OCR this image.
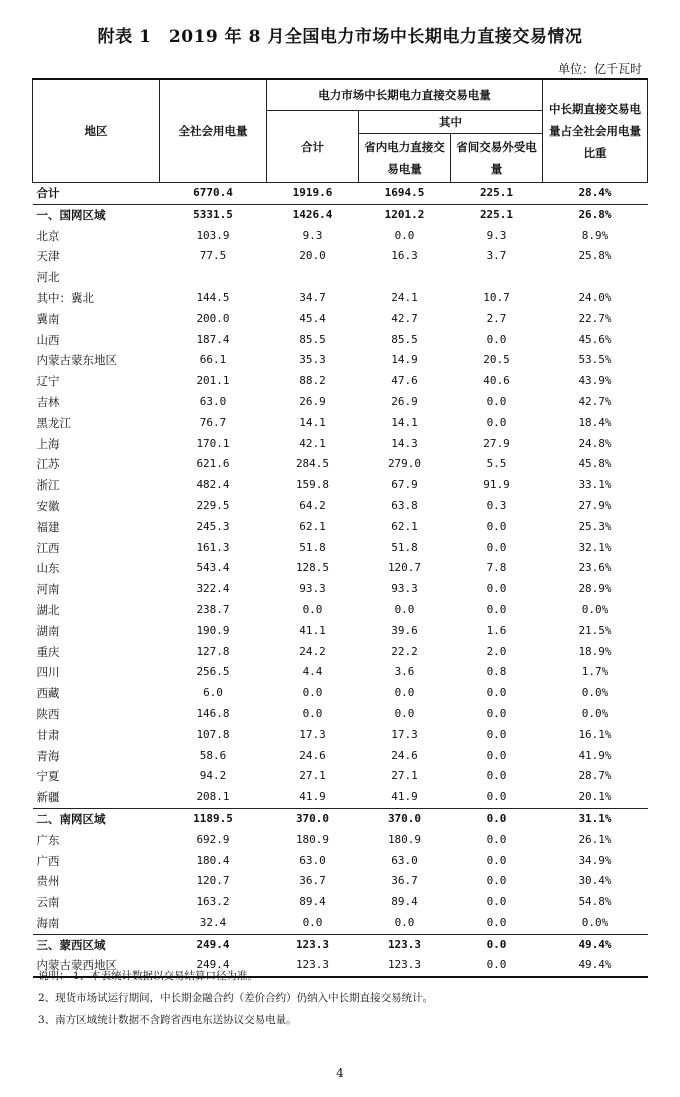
附表 1　2019 年 8 月全国电力市场中长期电力直接交易情况
单位：亿千瓦时
地区	全社会用电量	电力市场中长期电力直接交易电量			中长期直接交易电量占全社会用电量比重
		合计	其中		
			省内电力直接交易电量	省间交易外受电量	
合计	6770.4	1919.6	1694.5	225.1	28.4%
一、国网区域	5331.5	1426.4	1201.2	225.1	26.8%
北京	103.9	9.3	0.0	9.3	8.9%
天津	77.5	20.0	16.3	3.7	25.8%
河北					
其中：冀北	144.5	34.7	24.1	10.7	24.0%
冀南	200.0	45.4	42.7	2.7	22.7%
山西	187.4	85.5	85.5	0.0	45.6%
内蒙古蒙东地区	66.1	35.3	14.9	20.5	53.5%
辽宁	201.1	88.2	47.6	40.6	43.9%
吉林	63.0	26.9	26.9	0.0	42.7%
黑龙江	76.7	14.1	14.1	0.0	18.4%
上海	170.1	42.1	14.3	27.9	24.8%
江苏	621.6	284.5	279.0	5.5	45.8%
浙江	482.4	159.8	67.9	91.9	33.1%
安徽	229.5	64.2	63.8	0.3	27.9%
福建	245.3	62.1	62.1	0.0	25.3%
江西	161.3	51.8	51.8	0.0	32.1%
山东	543.4	128.5	120.7	7.8	23.6%
河南	322.4	93.3	93.3	0.0	28.9%
湖北	238.7	0.0	0.0	0.0	0.0%
湖南	190.9	41.1	39.6	1.6	21.5%
重庆	127.8	24.2	22.2	2.0	18.9%
四川	256.5	4.4	3.6	0.8	1.7%
西藏	6.0	0.0	0.0	0.0	0.0%
陕西	146.8	0.0	0.0	0.0	0.0%
甘肃	107.8	17.3	17.3	0.0	16.1%
青海	58.6	24.6	24.6	0.0	41.9%
宁夏	94.2	27.1	27.1	0.0	28.7%
新疆	208.1	41.9	41.9	0.0	20.1%
二、南网区域	1189.5	370.0	370.0	0.0	31.1%
广东	692.9	180.9	180.9	0.0	26.1%
广西	180.4	63.0	63.0	0.0	34.9%
贵州	120.7	36.7	36.7	0.0	30.4%
云南	163.2	89.4	89.4	0.0	54.8%
海南	32.4	0.0	0.0	0.0	0.0%
三、蒙西区域	249.4	123.3	123.3	0.0	49.4%
内蒙古蒙西地区	249.4	123.3	123.3	0.0	49.4%
说明： 1、本表统计数据以交易结算口径为准。
2、现货市场试运行期间，中长期金融合约（差价合约）仍纳入中长期直接交易统计。
3、南方区域统计数据不含跨省西电东送协议交易电量。
4
